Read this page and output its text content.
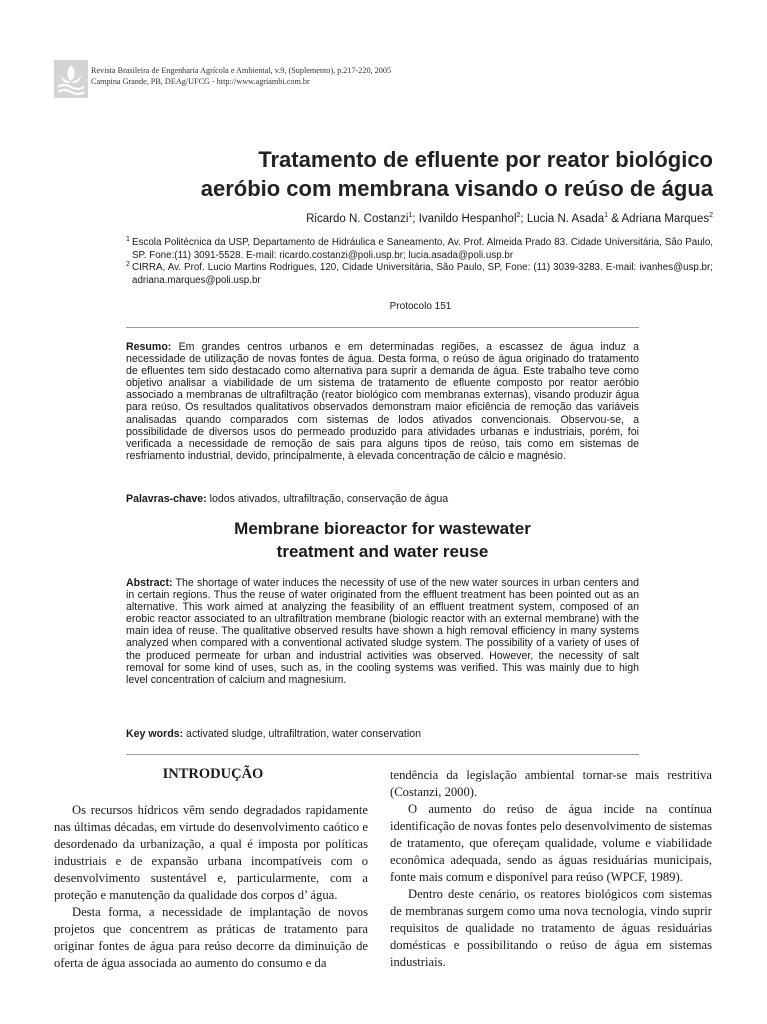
Revista Brasileira de Engenharia Agrícola e Ambiental, v.9, (Suplemento), p.217-220, 2005
Campina Grande, PB, DEAg/UFCG - http://www.agriambi.com.br
Tratamento de efluente por reator biológico
aeróbio com membrana visando o reúso de água
Ricardo N. Costanzi$^1$; Ivanildo Hespanhol$^2$; Lucia N. Asada$^1$ & Adriana Marques$^2$
1 Escola Politécnica da USP, Departamento de Hidráulica e Saneamento, Av. Prof. Almeida Prado 83. Cidade Universitária, São Paulo, SP. Fone:(11) 3091-5528. E-mail: ricardo.costanzi@poli.usp.br; lucia.asada@poli.usp.br
2 CIRRA, Av. Prof. Lucio Martins Rodrigues, 120, Cidade Universitária, São Paulo, SP, Fone: (11) 3039-3283. E-mail: ivanhes@usp.br; adriana.marques@poli.usp.br
Protocolo 151
Resumo: Em grandes centros urbanos e em determinadas regiões, a escassez de água induz a necessidade de utilização de novas fontes de água. Desta forma, o reúso de água originado do tratamento de efluentes tem sido destacado como alternativa para suprir a demanda de água. Este trabalho teve como objetivo analisar a viabilidade de um sistema de tratamento de efluente composto por reator aeróbio associado a membranas de ultrafiltração (reator biológico com membranas externas), visando produzir água para reúso. Os resultados qualitativos observados demonstram maior eficiência de remoção das variáveis analisadas quando comparados com sistemas de lodos ativados convencionais. Observou-se, a possibilidade de diversos usos do permeado produzido para atividades urbanas e industriais, porém, foi verificada a necessidade de remoção de sais para alguns tipos de reúso, tais como em sistemas de resfriamento industrial, devido, principalmente, à elevada concentração de cálcio e magnésio.
Palavras-chave: lodos ativados, ultrafiltração, conservação de água
Membrane bioreactor for wastewater
treatment and water reuse
Abstract: The shortage of water induces the necessity of use of the new water sources in urban centers and in certain regions. Thus the reuse of water originated from the effluent treatment has been pointed out as an alternative. This work aimed at analyzing the feasibility of an effluent treatment system, composed of an erobic reactor associated to an ultrafiltration membrane (biologic reactor with an external membrane) with the main idea of reuse. The qualitative observed results have shown a high removal efficiency in many systems analyzed when compared with a conventional activated sludge system. The possibility of a variety of uses of the produced permeate for urban and industrial activities was observed. However, the necessity of salt removal for some kind of uses, such as, in the cooling systems was verified. This was mainly due to high level concentration of calcium and magnesium.
Key words: activated sludge, ultrafiltration, water conservation
INTRODUÇÃO

Os recursos hídricos vêm sendo degradados rapidamente nas últimas décadas, em virtude do desenvolvimento caótico e desordenado da urbanização, a qual é imposta por políticas industriais e de expansão urbana incompatíveis com o desenvolvimento sustentável e, particularmente, com a proteção e manutenção da qualidade dos corpos d’ água.

Desta forma, a necessidade de implantação de novos projetos que concentrem as práticas de tratamento para originar fontes de água para reúso decorre da diminuição de oferta de água associada ao aumento do consumo e da

tendência da legislação ambiental tornar-se mais restritiva (Costanzi, 2000).

O aumento do reúso de água incide na contínua identificação de novas fontes pelo desenvolvimento de sistemas de tratamento, que ofereçam qualidade, volume e viabilidade econômica adequada, sendo as águas residuárias municipais, fonte mais comum e disponível para reúso (WPCF, 1989).

Dentro deste cenário, os reatores biológicos com sistemas de membranas surgem como uma nova tecnologia, vindo suprir requisitos de qualidade no tratamento de águas residuárias domésticas e possibilitando o reúso de água em sistemas industriais.
